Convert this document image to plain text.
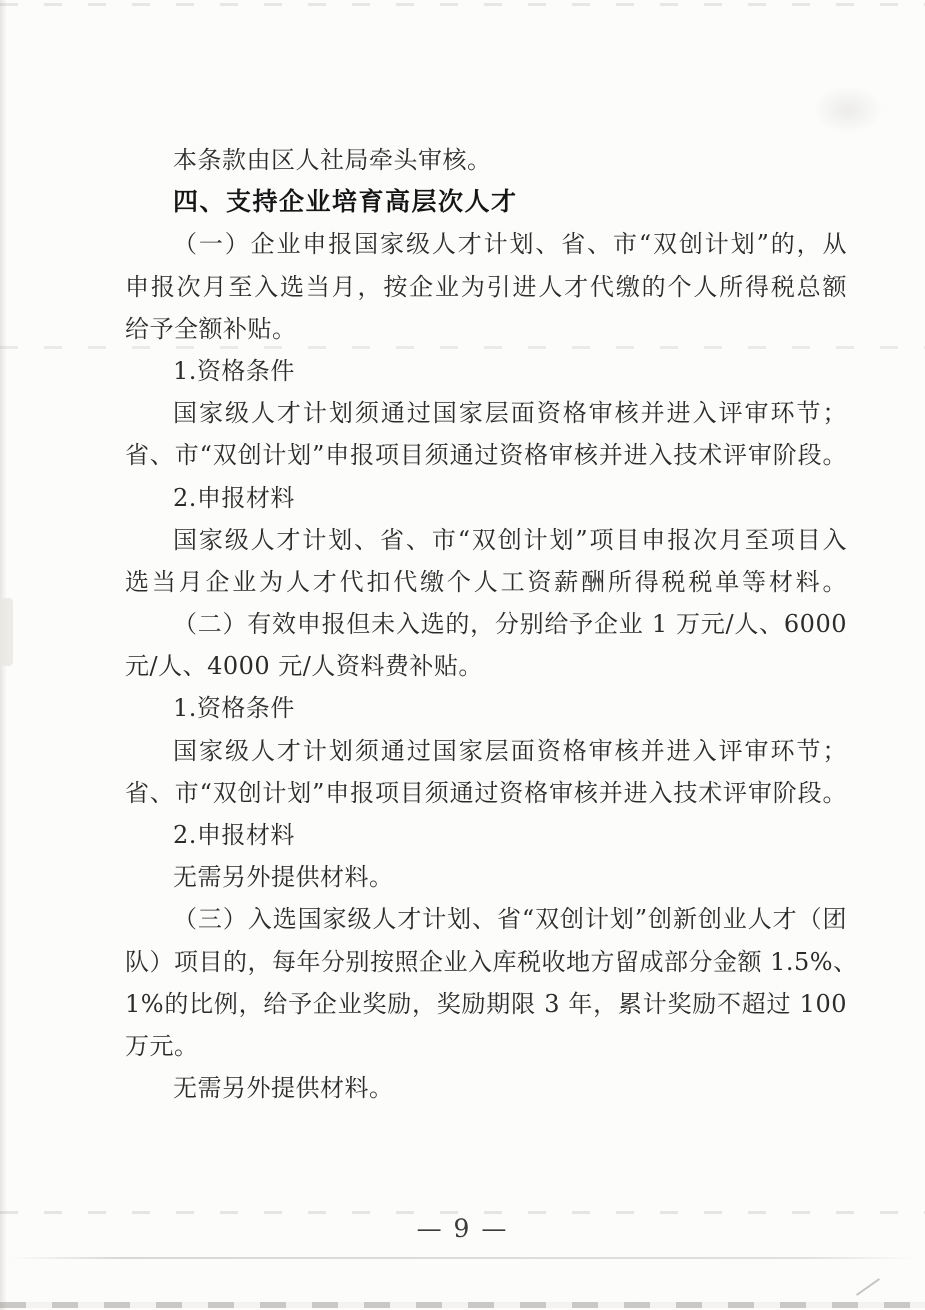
本条款由区人社局牵头审核。
四、支持企业培育高层次人才
（一）企业申报国家级人才计划、省、市“双创计划”的，从
申报次月至入选当月，按企业为引进人才代缴的个人所得税总额
给予全额补贴。
1.资格条件
国家级人才计划须通过国家层面资格审核并进入评审环节；
省、市“双创计划”申报项目须通过资格审核并进入技术评审阶段。
2.申报材料
国家级人才计划、省、市“双创计划”项目申报次月至项目入
选当月企业为人才代扣代缴个人工资薪酬所得税税单等材料。
（二）有效申报但未入选的，分别给予企业 1 万元/人、6000
元/人、4000 元/人资料费补贴。
1.资格条件
国家级人才计划须通过国家层面资格审核并进入评审环节；
省、市“双创计划”申报项目须通过资格审核并进入技术评审阶段。
2.申报材料
无需另外提供材料。
（三）入选国家级人才计划、省“双创计划”创新创业人才（团
队）项目的，每年分别按照企业入库税收地方留成部分金额 1.5%、
1%的比例，给予企业奖励，奖励期限 3 年，累计奖励不超过 100
万元。
无需另外提供材料。
— 9 —
